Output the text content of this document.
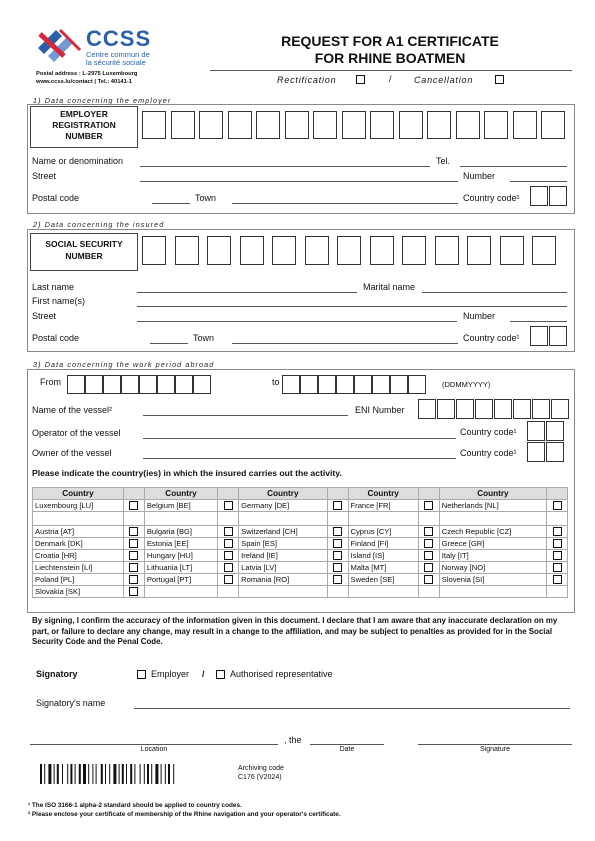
CCSS
Centre commun de
la sécurité sociale
Postal address : L-2975 Luxembourg
www.ccss.lu/contact | Tel.: 40141-1
REQUEST FOR A1 CERTIFICATE
FOR RHINE BOATMEN
Rectification	/ Cancellation
1) Data concerning the employer
EMPLOYER
REGISTRATION
NUMBER
Name or denomination	Tel.
Street	Number
Postal code	Town	Country code¹
2) Data concerning the insured
SOCIAL SECURITY
NUMBER
Last name	Marital name
First name(s)
Street	Number
Postal code	Town	Country code¹
3) Data concerning the work period abroad
From	to	(DDMMYYYY)
Name of the vessel²	ENI Number
Operator of the vessel	Country code¹
Owner of the vessel	Country code¹
Please indicate the country(ies) in which the insured carries out the activity.
Country		Country		Country		Country		Country	
Luxembourg [LU]		Belgium [BE]		Germany [DE]		France [FR]		Netherlands [NL]	

Austria [AT]		Bulgaria [BG]		Switzerland [CH]		Cyprus [CY]		Czech Republic [CZ]	
Denmark [DK]		Estonia [EE]		Spain [ES]		Finland [FI]		Greece [GR]	
Croatia [HR]		Hungary [HU]		Ireland [IE]		Island [IS]		Italy [IT]	
Liechtenstein [LI]		Lithuania [LT]		Latvia [LV]		Malta [MT]		Norway [NO]	
Poland [PL]		Portugal [PT]		Romania [RO]		Sweden [SE]		Slovenia [SI]	
Slovakia [SK]									
By signing, I confirm the accuracy of the information given in this document. I declare that I am aware that any inaccurate declaration on my part, or failure to declare any change, may result in a change to the affiliation, and may be subject to penalties as provided for in the Social Security Code and the Penal Code.
Signatory	Employer /	Authorised representative
Signatory's name
, the
Location	Date	Signature
Archiving code
C176 (V2024)
¹ The ISO 3166-1 alpha-2 standard should be applied to country codes.
² Please enclose your certificate of membership of the Rhine navigation and your operator's certificate.
